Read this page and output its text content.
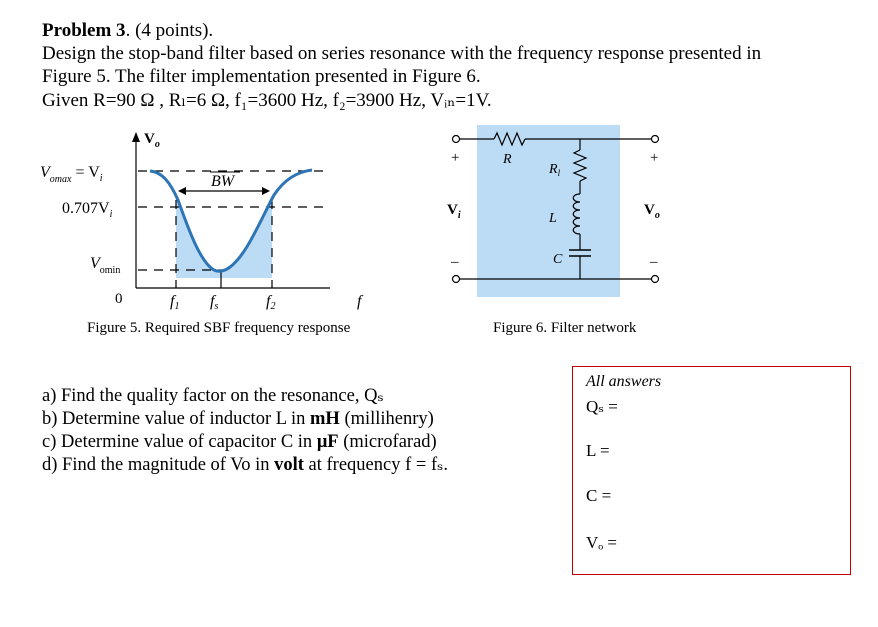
Problem 3. (4 points).
Design the stop-band filter based on series resonance with the frequency response presented in
Figure 5. The filter implementation presented in Figure 6.
Given R=90 Ω , Rₗ=6 Ω, f₁=3600 Hz, f₂=3900 Hz, Vᵢₙ=1V.
$V_o$
$V_{omax} = V_i$
$0.707V_i$
$V_{omin}$
BW
0	f1 fs	f2	f
R
$R_l$
L
C
+
$V_i$
–
+
$V_o$
–
Figure 5. Required SBF frequency response	Figure 6. Filter network
a) Find the quality factor on the resonance, Qₛ
b) Determine value of inductor L in mH (millihenry)
c) Determine value of capacitor C in μF (microfarad)
d) Find the magnitude of Vo in volt at frequency f = fₛ.
All answers
Qₛ =
L =
C =
Vₒ =
